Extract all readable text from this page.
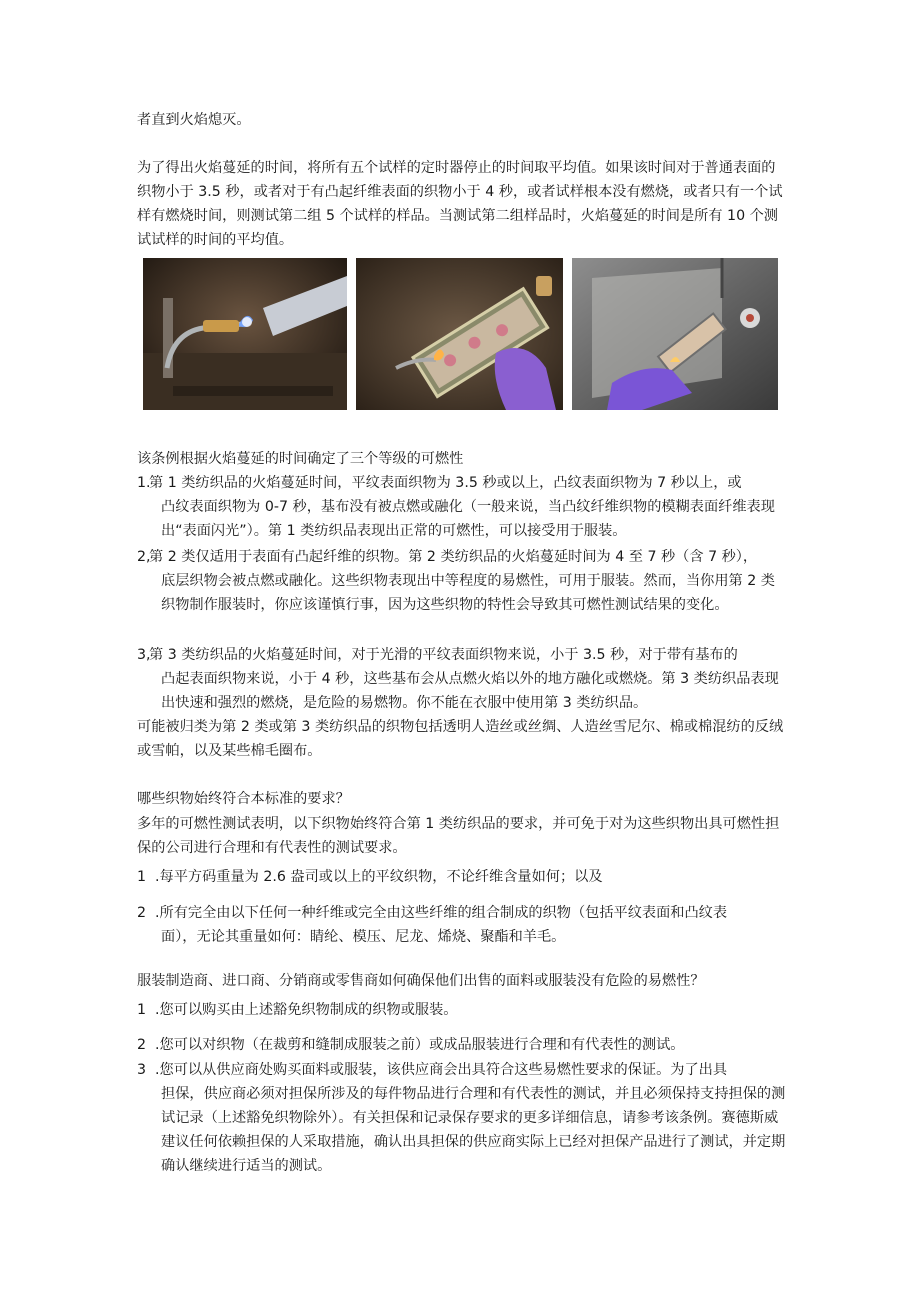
者直到火焰熄灭。

为了得出火焰蔓延的时间，将所有五个试样的定时器停止的时间取平均值。如果该时间对于普通表面的织物小于 3.5 秒，或者对于有凸起纤维表面的织物小于 4 秒，或者试样根本没有燃烧，或者只有一个试样有燃烧时间，则测试第二组 5 个试样的样品。当测试第二组样品时，火焰蔓延的时间是所有 10 个测试试样的时间的平均值。

该条例根据火焰蔓延的时间确定了三个等级的可燃性

1.
第 1 类纺织品的火焰蔓延时间，平纹表面织物为 3.5 秒或以上，凸纹表面织物为 7 秒以上，或
凸纹表面织物为 0-7 秒，基布没有被点燃或融化（一般来说，当凸纹纤维织物的模糊表面纤维表现出“表面闪光”）。第 1 类纺织品表现出正常的可燃性，可以接受用于服装。
2,
第 2 类仅适用于表面有凸起纤维的织物。第 2 类纺织品的火焰蔓延时间为 4 至 7 秒（含 7 秒），
底层织物会被点燃或融化。这些织物表现出中等程度的易燃性，可用于服装。然而，当你用第 2 类织物制作服装时，你应该谨慎行事，因为这些织物的特性会导致其可燃性测试结果的变化。
3,
第 3 类纺织品的火焰蔓延时间，对于光滑的平纹表面织物来说，小于 3.5 秒，对于带有基布的
凸起表面织物来说，小于 4 秒，这些基布会从点燃火焰以外的地方融化或燃烧。第 3 类纺织品表现出快速和强烈的燃烧，是危险的易燃物。你不能在衣服中使用第 3 类纺织品。

可能被归类为第 2 类或第 3 类纺织品的织物包括透明人造丝或丝绸、人造丝雪尼尔、棉或棉混纺的反绒或雪帕，以及某些棉毛圈布。

哪些织物始终符合本标准的要求？

多年的可燃性测试表明，以下织物始终符合第 1 类纺织品的要求，并可免于对为这些织物出具可燃性担保的公司进行合理和有代表性的测试要求。

1 .每平方码重量为 2.6 盎司或以上的平纹织物，不论纤维含量如何；以及
2 .所有完全由以下任何一种纤维或完全由这些纤维的组合制成的织物（包括平纹表面和凸纹表
面），无论其重量如何：睛纶、模压、尼龙、烯烧、聚酯和羊毛。

服装制造商、进口商、分销商或零售商如何确保他们出售的面料或服装没有危险的易燃性？

1 .您可以购买由上述豁免织物制成的织物或服装。
2 .您可以对织物（在裁剪和缝制成服装之前）或成品服装进行合理和有代表性的测试。
3 .您可以从供应商处购买面料或服装，该供应商会出具符合这些易燃性要求的保证。为了出具
担保，供应商必须对担保所涉及的每件物品进行合理和有代表性的测试，并且必须保持支持担保的测试记录（上述豁免织物除外）。有关担保和记录保存要求的更多详细信息，请参考该条例。赛德斯威建议任何依赖担保的人采取措施，确认出具担保的供应商实际上已经对担保产品进行了测试，并定期确认继续进行适当的测试。
